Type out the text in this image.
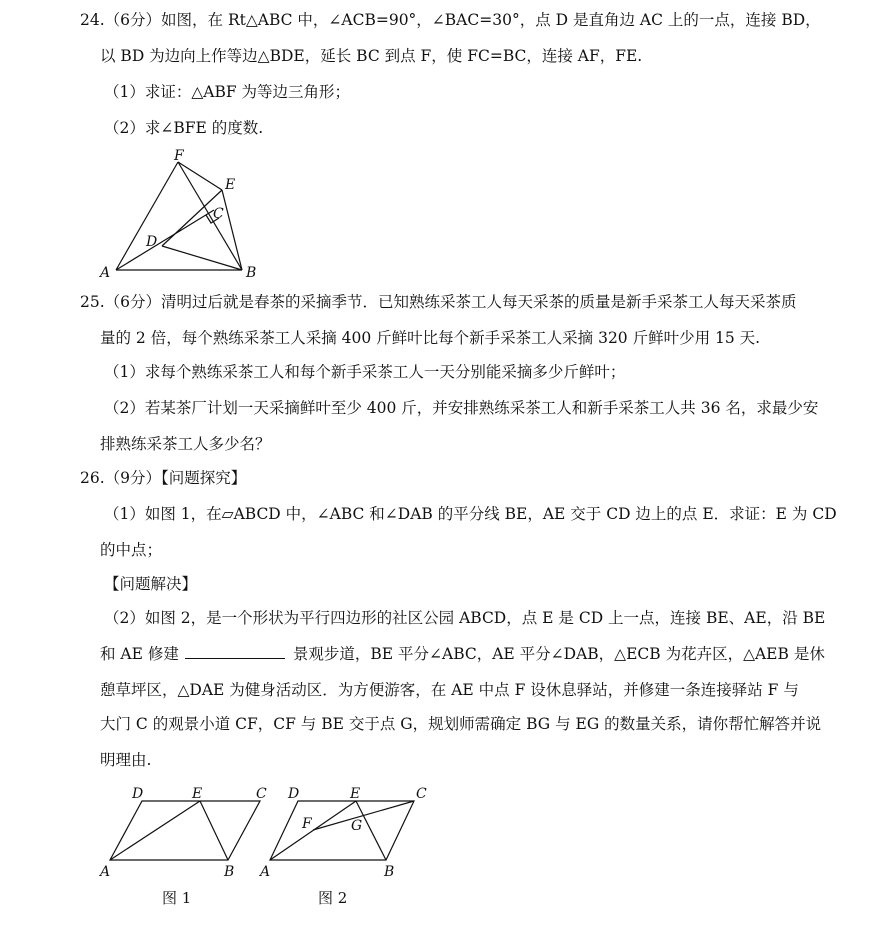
24.（6分）如图，在 Rt△ABC 中，∠ACB=90°，∠BAC=30°，点 D 是直角边 AC 上的一点，连接 BD，
以 BD 为边向上作等边△BDE，延长 BC 到点 F，使 FC=BC，连接 AF，FE.
（1）求证：△ABF 为等边三角形；
（2）求∠BFE 的度数.
F
E
C
D
A	B
25.（6分）清明过后就是春茶的采摘季节．已知熟练采茶工人每天采茶的质量是新手采茶工人每天采茶质
量的 2 倍，每个熟练采茶工人采摘 400 斤鲜叶比每个新手采茶工人采摘 320 斤鲜叶少用 15 天.
（1）求每个熟练采茶工人和每个新手采茶工人一天分别能采摘多少斤鲜叶；
（2）若某茶厂计划一天采摘鲜叶至少 400 斤，并安排熟练采茶工人和新手采茶工人共 36 名，求最少安
排熟练采茶工人多少名？
26.（9分）【问题探究】
（1）如图 1，在▱ABCD 中，∠ABC 和∠DAB 的平分线 BE，AE 交于 CD 边上的点 E．求证：E 为 CD
的中点；
【问题解决】
（2）如图 2，是一个形状为平行四边形的社区公园 ABCD，点 E 是 CD 上一点，连接 BE、AE，沿 BE
和 AE 修建	景观步道，BE 平分∠ABC，AE 平分∠DAB，△ECB 为花卉区，△AEB 是休
憩草坪区，△DAE 为健身活动区．为方便游客，在 AE 中点 F 设休息驿站，并修建一条连接驿站 F 与
大门 C 的观景小道 CF，CF 与 BE 交于点 G，规划师需确定 BG 与 EG 的数量关系，请你帮忙解答并说
明理由.
D	E	C
A	B
图 1
D	E	C
F	G
A	B
图 2
